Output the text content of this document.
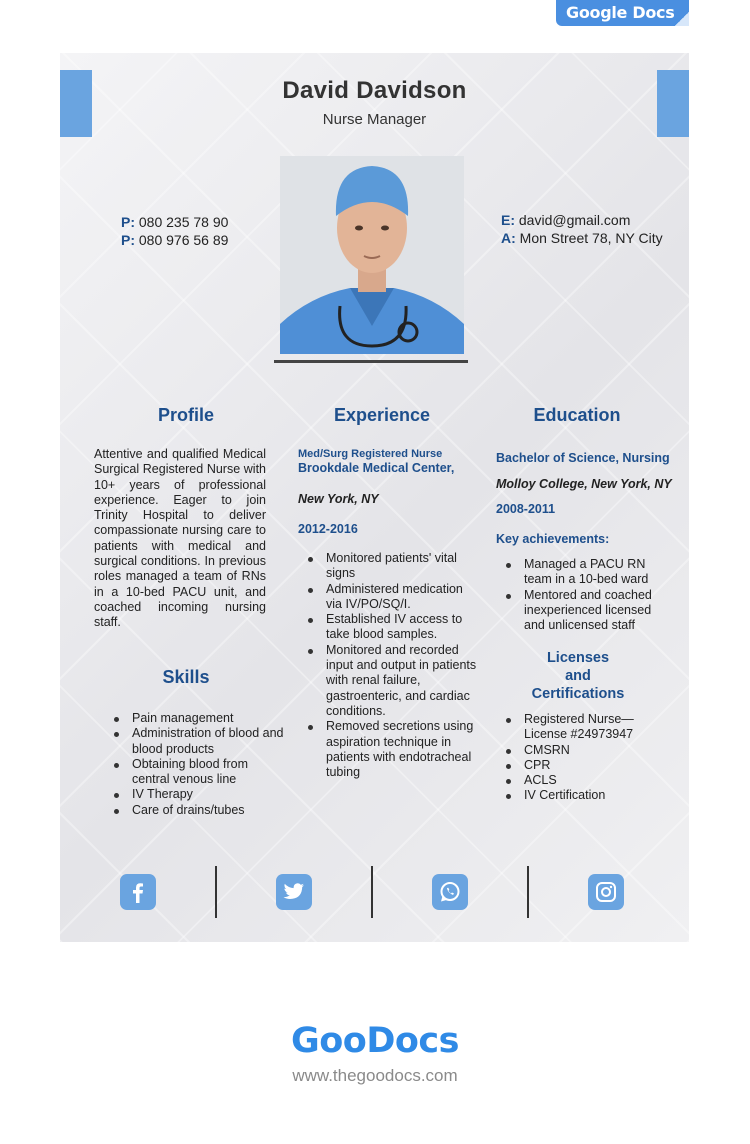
Google Docs
David Davidson
Nurse Manager
P: 080 235 78 90
P: 080 976 56 89
E: david@gmail.com
A: Mon Street 78, NY City
Profile	Experience	Education
Attentive and qualified Medical Surgical Registered Nurse with 10+ years of professional experience. Eager to join Trinity Hospital to deliver compassionate nursing care to patients with medical and surgical conditions. In previous roles managed a team of RNs in a 10-bed PACU unit, and coached incoming nursing staff.
Skills
Pain management
Administration of blood and blood products
Obtaining blood from central venous line
IV Therapy
Care of drains/tubes
Med/Surg Registered Nurse
Brookdale Medical Center,
New York, NY
2012-2016
Monitored patients' vital signs
Administered medication via IV/PO/SQ/I.
Established IV access to take blood samples.
Monitored and recorded input and output in patients with renal failure, gastroenteric, and cardiac conditions.
Removed secretions using aspiration technique in patients with endotracheal tubing
Bachelor of Science, Nursing
Molloy College, New York, NY
2008-2011
Key achievements:
Managed a PACU RN team in a 10-bed ward
Mentored and coached inexperienced licensed and unlicensed staff
Licenses
and
Certifications
Registered Nurse—License #24973947
CMSRN
CPR
ACLS
IV Certification
GooDocs
www.thegoodocs.com
